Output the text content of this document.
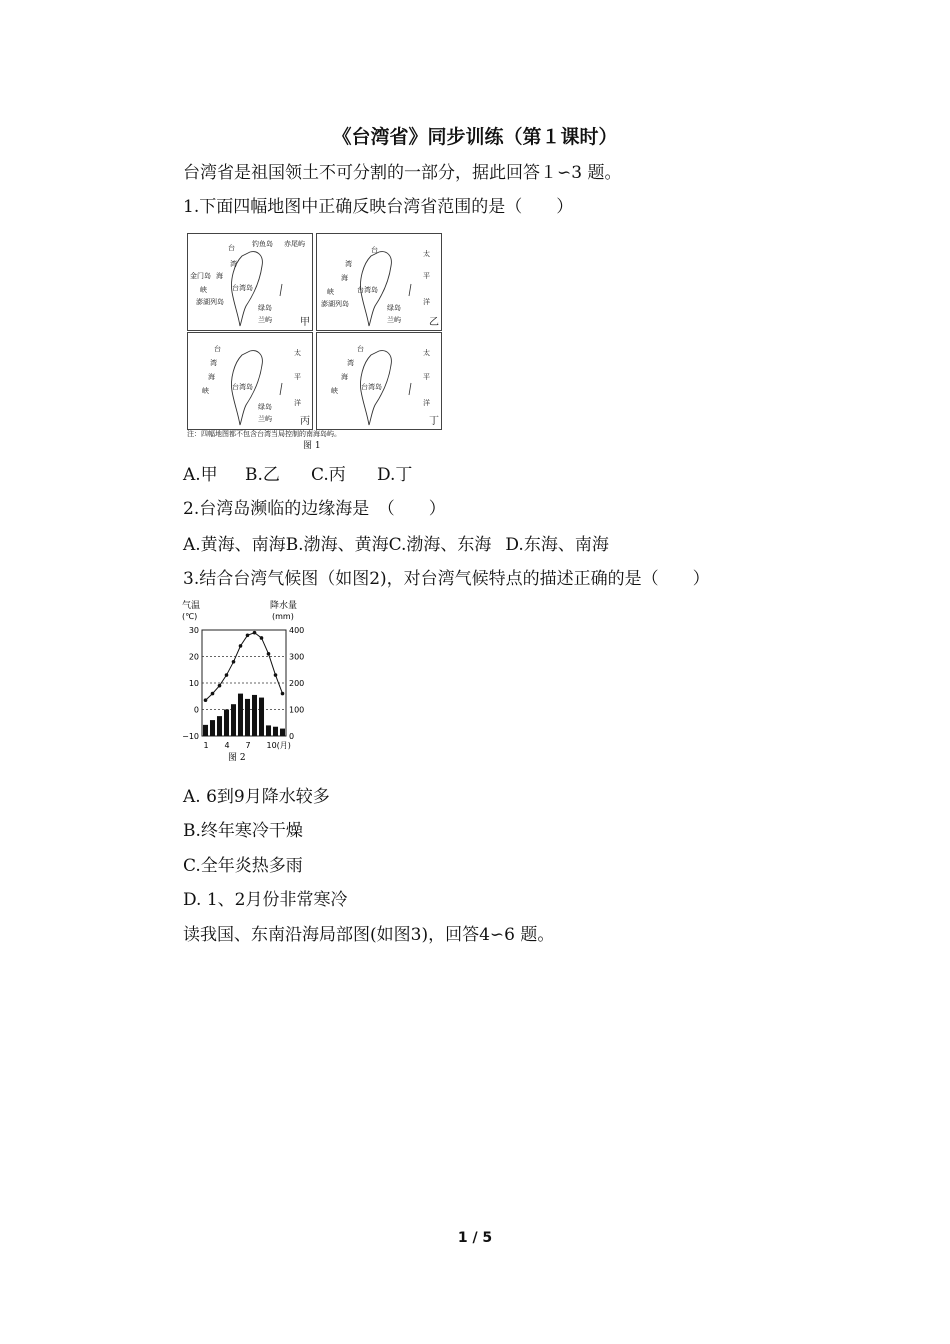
《台湾省》同步训练（第１课时）
台湾省是祖国领土不可分割的一部分，据此回答１∽3 题。
1.下面四幅地图中正确反映台湾省范围的是（　　）
钓鱼岛 赤尾屿
台
湾
金门岛 海
峡	台湾岛
澎湖列岛
绿岛
兰屿	甲
台
湾
海
峡	台湾岛
澎湖列岛	绿岛
兰屿
太
平
洋
乙
台
湾
海
峡	台湾岛
绿岛
兰屿
太
平
洋
丙
台
湾
海
峡	台湾岛
太
平
洋
丁
注：四幅地图都不包含台湾当局控制的南海岛屿。
图 1
A.甲 B.乙 C.丙 D.丁
2.台湾岛濒临的边缘海是　（　　）
A.黄海、南海B.渤海、黄海C.渤海、东海 D.东海、南海
3.结合台湾气候图（如图2)，对台湾气候特点的描述正确的是（　　）
气温
(℃)
降水量
(mm)
30
20
10
0
−10
400
300
200
100
0
1 4 7 10(月)
图 2
A. 6到9月降水较多
B.终年寒冷干燥
C.全年炎热多雨
D. 1、2月份非常寒冷
读我国、东南沿海局部图(如图3)，回答4∽6 题。
1 / 5
